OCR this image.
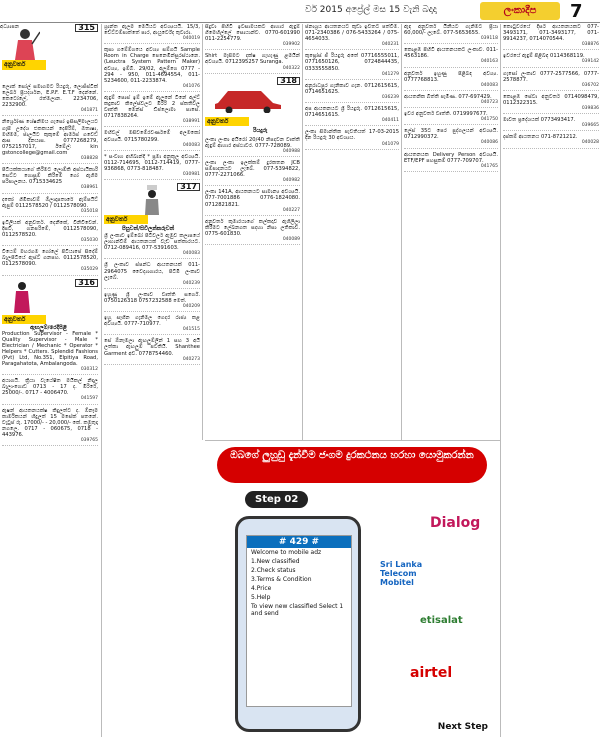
වර් 2015 අප්‍රේල් මස 15 වැනි බදාදා	ලංකාදීප	7
315
අනුවර්ත
අධ්‍යාපන
ලොක් සෝල් සමාගමට රියදුරු, ලොජිස්ටික් ලෙබර් ප්‍රියදර්ශන, E.P.F. E.T.F දෙන්නේ. කෙටෝලේ, රත්මලාන. 2234706, 2232900.
041871
නිර්ශ්‍රෝණ ශේෂනිමය ගැසෝ ඉසිසලිමාලයට ගැසී උදේශ එකකයන් දෙපිරීම්, ඔතාෂා, මහිමම, ජාලයිට කුකුමේ ආර්මස් ගවෙඩ් ආස දිනයාස. 0777268279, 0752157017, ඊමේල්: kin gstoncollege@gmail.com
038828
පිටියක්කයාගේ කිරීමට ලොම්කි අස්ථායිකාරි සෙට්ට ගොසුම් කිරීමේ ගෝ ඇගිම පරිපාලනය. 0715334625
038961
දකෝ ගිමිකාවම් ඕලාදාපතාරේ ඇම්පයිට් ඇපුම් 0112578520 / 0112578090.
035018
ඉටිලියක් අනුවර්ත. දෙනීකේ, විනිවිවෙන්. දිසවි, ගනපරිමේ, 0112578090, 0112578520.
035030
වියෙම් මහරගම ගෝලේ පිටියාපේ සිදේම් බැලපිටියේ ඇස්ට් ගනපහ. 0112578520, 0112578090.
035029
316
අනුවර්ත
ඇඟලුම්/රෙදිපිළි
Production Supervisor - Female * Quality Supervisor - Male * Electrician / Mechanic * Operator * Helpers * Cutters. Splendid Fashions (Pvt) Ltd, No.351, Elpitiya Road, Paragahatota, Ambalangoda.
030312
අයාගයි. ක්‍රියා වැයේෂිත මයිකල් නිදාල බැලාංගොඩ 0713 - 17 ද. මිරිරේ, 25000/-. 0717 - 4006470.
041597
ඇෂන් ආයතනයක්ෂ කිදුලත්ට ද. ඕනෑම කාර්මිකයන් හිදුලත් 15 මසේක් පතනේ. වැටුප් රු. 17000/- - 20,000/- කේ. කමුතුදා නගලෙ. 0717 - 060675, 0718 - 443976.
039765
ශ්‍රාන්ත ඇලම මෙයියට අවශ්‍යයයි. 15/3, චේට්ටම්පාත්තේ පාර, ආයුර්වේද තුවාරා.
040019
කුසා ගමේම්ගයෙ අවශ්‍ය සම්ගයි Sample Room in Charge පෙනෙමින්සුරස්ථානෙ. (Leuctra System Pattern Maker) අවශ්‍ය, ඉම්බි. 29/02, අලුම්ගෙ 0777 - 294 - 950, 011-4694554, 011-5234600, 011-2233874.
041076
ඇඳුම් පොස් ඉම් ඉමේ ඇලනේ ටිනේ අල්ට් කදුකාව කිලේස්වලට මිරිරි 2 ස්කතිවල වෘත්ති මෙන්ස් ඩිප්ලොමා පාසේ. 0717838264.
038991
මහිවල් මසිවමේරවර්ණමේ අලමකෝ අවශ්‍යයි. 0715780299.
040083
* සංවාහ අභිබාන්දී * ප්‍රමා අනුකූල අවශ්‍යයි. 0112-714695, 0112-714419, 0777-936868, 0773-818487.
030981
317
අනුවර්ත
පිසුවන්/සිවිලන්කරුවන්
ශ්‍රී ලංකාව ඉම්බෝ පිටිවර්ල ඇමුව කලාපයේ ලාභාන්වීම් ආයතනයක් වැඩ සත්කාරයට. 0712-089416, 077-5391603.
040083
ශ්‍රී ලංකාව ස්පන්ධ ආයතනයක් 011-2964075 වෛද්‍යාගාරය, පිටිමි ලංකාව ලැබේ.
040239
ඉහුණු ශ්‍රී ලංකාව වෘත්ති සර්ගේ. 0750126318 0757232588 මෙත්.
040209
ඉහු සෑගින ගැනිමල ගෙදර රාජ්‍ය කළ අවශ්‍යයි. 0777-710977.
041515
සේ ඕනෑමලා ඇඟලුම්ලින් 1 සහ 3 අයි ලත්කා ඇඟලුම් පවතියි. Shanthee Garment අව. 0778754460.
040273
සිදුවා පිහිටි ඉවසාමයකට ආහාර ඇඳුම් ගිමෙහිල්ලේ සොයාන්ව. 0770-601990 011-2254779.
039902
Shirt මැසිමට දක්ෂ ගැහැණු ළමයින් අවශ්‍යයි. 0712395257 Suranga.
040322
318
අනුවර්ත
රියදුරු
ලංකා ලංකා අයිරෝ 20/40 නිපදවන වෘත්ති ඇඳුම් ආහාර අස්ථාවර. 0777-728089.
040988
ලංකා ලංකා ඉලක්කම් දුරකතන JCB සම්පාදනයට ලැබේ. 077-5394822, 0777-2271066.
040982
ලංකා 141A, ආයතනයට සාමාන්‍ය අවශ්‍යයි. 077-7001886 0776-1824080. 0712821821.
040227
අනුවර්ත කුමාරයාගේ කල්කදාව ඇගිලිලා කිරීමට ලේඛනගත සදහා නිසා ලතිකාව. 0775-601830.
040089
ජනාශ්‍රය ආයතනයට කුඩා ඉවතට පත්වීම. 071-2340386 / 076-5433264 / 075-4654033.
040231
කුප්‍රෝස් ජී රියදුරු අතේ 07716555011, 0771650126, 0724844435, 0333555850.
041279
අනුරාධපුර ගැනිකාව ගැන. 0712615615, 0714651625.
036239
අප ආයතනයට ශ්‍රී රියදුරු. 0712615615, 0714651615.
040411
ලංකා සිමාන්තික පැවතියත් 17-03-2015 දින රියදුරු 30 අවශ්‍යය.
041079
ඇඳ අනුවර්ත යිනීයට ගැනිමට ප්‍රියා 60,000/- ලැබේ. 077-5653655.
039118
කොළඹ පිහිටි ආයතනයකට ලංකාව. 011-4563186.
040163
අනුවර්ත ඉහුණු පිළිබඳ අවශ්‍ය. 0777768813.
040083
ආයතනික බිත්ති පැමිණ. 077-697429.
040723
ඉවර අනුවර්ත වෘත්ති. 0719997677.
041750
ලේස් 35ට පෙර පුද්ගලයන් අවශ්‍යයි. 0712990372.
040086
ආයතනයක Delivery Person අවශ්‍යයි. ETF/EPF පහසුකම් 0777-709707.
041765
කොටුවරයේ දීර්ඝ ආයතනයකට 077-3493171, 071-3493177, 071-9914237, 0714070544.
038876
ඉවරයේ ඇඳුම් පිළිබඳ 0114368119.
039142
ගැසෝ ලංකාව 0777-2577566, 0777-2578877.
036702
කොළඹ සේවා අනුවර්ත 0714098479, 0112322315.
039836
මාවත ප්‍රදේශයක් 0773493417.
039665
දස්කම් ආයතනය 071-8721212.
040028
ඔබගේ ලුහුඩු දැන්වීම ජංගම දුරකථනය හරහා යොමුකරන්න
Step 02
# 429 #
Welcome to mobile adz
1.New classified
2.Check status
3.Terms & Condition
4.Price
5.Help
To view new classified Select 1 and send
Dialog
Sri Lanka Telecom Mobitel
etisalat
airtel
Next Step
